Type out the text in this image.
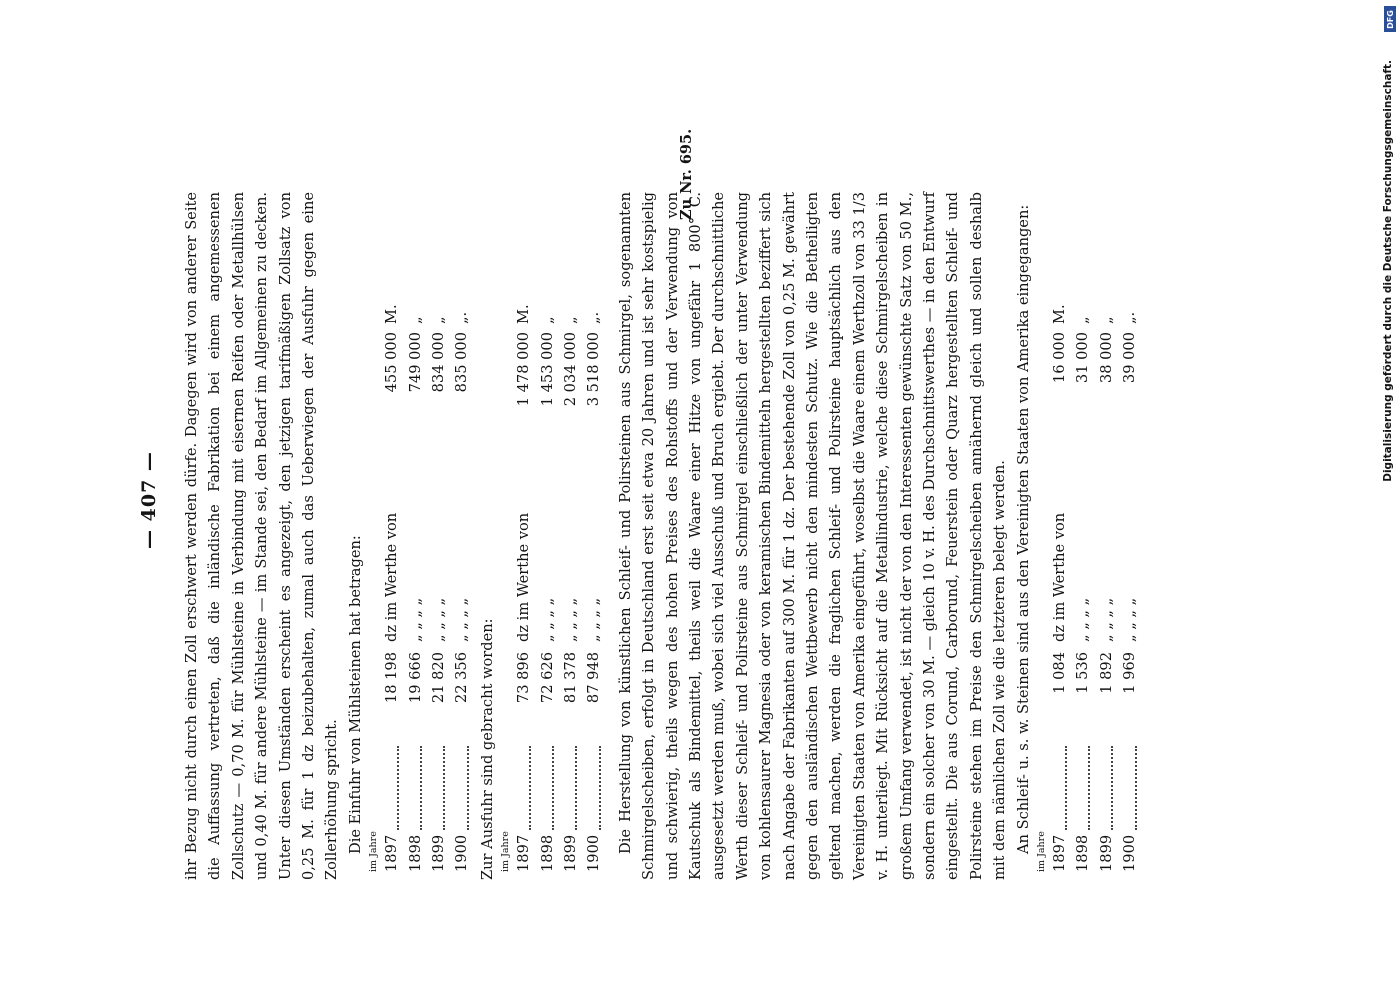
— 407 —
Zu Nr. 695.

ihr Bezug nicht durch einen Zoll erschwert werden dürfe. Dagegen wird von anderer Seite die Auffassung vertreten, daß die inländische Fabrikation bei einem angemessenen Zollschutz — 0,70 M. für Mühlsteine in Verbindung mit eisernen Reifen oder Metallhülsen und 0,40 M. für andere Mühlsteine — im Stande sei, den Bedarf im Allgemeinen zu decken. Unter diesen Umständen erscheint es angezeigt, den jetzigen tarifmäßigen Zollsatz von 0,25 M. für 1 dz beizubehalten, zumal auch das Ueberwiegen der Ausfuhr gegen eine Zollerhöhung spricht. Die Einfuhr von Mühlsteinen hat betragen: im Jahre 1897
18 198
dz im Werthe von
455 000
M.
1898
19 666
„ „ „ „
749 000
„
1899
21 820
„ „ „ „
834 000
„
1900
22 356
„ „ „ „
835 000
„.

Zur Ausfuhr sind gebracht worden: im Jahre 1897
73 896
dz im Werthe von
1 478 000
M.
1898
72 626
„ „ „ „
1 453 000
„
1899
81 378
„ „ „ „
2 034 000
„
1900
87 948
„ „ „ „
3 518 000
„. Die Herstellung von künstlichen Schleif- und Polirsteinen aus Schmirgel, sogenannten Schmirgelscheiben, erfolgt in Deutschland erst seit etwa 20 Jahren und ist sehr kostspielig und schwierig, theils wegen des hohen Preises des Rohstoffs und der Verwendung von Kautschuk als Bindemittel, theils weil die Waare einer Hitze von ungefähr 1 800° C. ausgesetzt werden muß, wobei sich viel Ausschuß und Bruch ergiebt. Der durchschnittliche Werth dieser Schleif- und Polirsteine aus Schmirgel einschließlich der unter Verwendung von kohlensaurer Magnesia oder von keramischen Bindemitteln hergestellten beziffert sich nach Angabe der Fabrikanten auf 300 M. für 1 dz. Der bestehende Zoll von 0,25 M. gewährt gegen den ausländischen Wettbewerb nicht den mindesten Schutz. Wie die Betheiligten geltend machen, werden die fraglichen Schleif- und Polirsteine hauptsächlich aus den Vereinigten Staaten von Amerika eingeführt, woselbst die Waare einem Werthzoll von 33 1/3 v. H. unterliegt. Mit Rücksicht auf die Metallindustrie, welche diese Schmirgelscheiben in großem Umfang verwendet, ist nicht der von den Interessenten gewünschte Satz von 50 M., sondern ein solcher von 30 M. — gleich 10 v. H. des Durchschnittswerthes — in den Entwurf eingestellt. Die aus Corund, Carborund, Feuerstein oder Quarz hergestellten Schleif- und Polirsteine stehen im Preise den Schmirgelscheiben annähernd gleich und sollen deshalb mit dem nämlichen Zoll wie die letzteren belegt werden. An Schleif- u. s. w. Steinen sind aus den Vereinigten Staaten von Amerika eingegangen: im Jahre 1897
1 084
dz im Werthe von
16 000
M.
1898
1 536
„ „ „ „
31 000
„
1899
1 892
„ „ „ „
38 000
„
1900
1 969
„ „ „ „
39 000
„.	Digitalisierung gefördert durch die Deutsche Forschungsgemeinschaft.
DFG
